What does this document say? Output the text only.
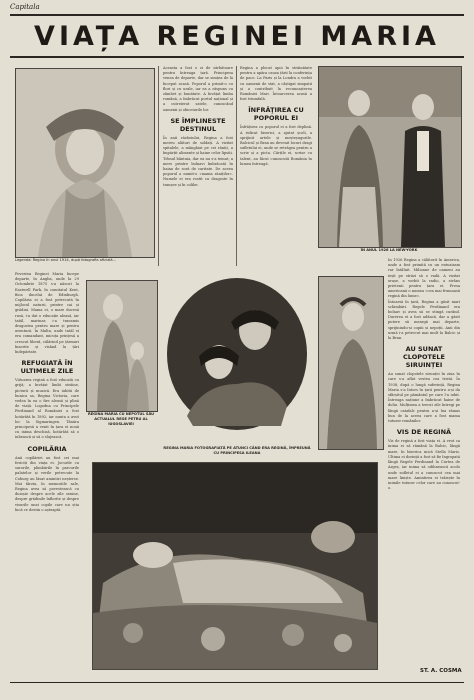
Capitala
VIAȚA REGINEI MARIA
Legenda: Regina în anul 1914, după fotografia oficială…
Povestea Reginei Maria începe departe, în Anglia, unde la 29 Octombrie 1875 s-a născut la Eastwell Park, în comitatul Kent, fiica ducelui de Edinburgh. Copilăria ei a fost petrecută în mijlocul naturii, printre cai și grădini. Mama ei, o mare ducesă rusă, i-a dat o educație aleasă, iar tatăl, marinar, i-a transmis dragostea pentru mare și pentru aventură. În Malta, unde tatăl ei era comandant, micuța prințesă a crescut liberă, călărind pe țărmuri însorite și visând la țări îndepărtate.
REFUGIATĂ ÎN ULTIMELE ZILE
Viitoarea regină a fost educată cu grijă; a învățat limbi străine, pictură și muzică. Era iubită de bunica sa, Regina Victoria, care vedea în ea o fire aleasă și plină de viață. Logodna cu Principele Ferdinand al României a fost hotărâtă în 1892, iar nunta a avut loc la Sigmaringen. Tânăra principesă a venit în țara ei nouă cu inima deschisă, hotărâtă să o iubească și să o slujească.
COPILĂRIA
Anii copilăriei au fost cei mai fericiți din viața ei. Jocurile cu surorile, plimbările în parcurile palatelor și verile petrecute la Coburg au lăsat amintiri neșterse. Mai târziu, în memoriile sale, Regina avea să povestească cu duioșie despre acele zile senine, despre grădinile înflorite și despre visurile unei copile care nu știa încă ce destin o așteaptă.
REGINA MARIA CU NEPOTUL SĂU ACTUALUL REGE PETRU AL IUGOSLAVIEI
Aceasta a fost o zi de sărbătoare pentru întreaga țară. Principesa venea de departe, dar se simțea de la început acasă. Poporul a primit-o cu flori și cu urale, iar ea a răspuns cu zâmbet și bunătate. A învățat limba română, a îmbrăcat portul național și a cutreierat satele, cunoscând oamenii și obiceiurile lor.
SE ÎMPLINESTE DESTINUL
În anii războiului, Regina a fost mereu alături de soldați. A vizitat spitalele, a mângâiat pe cei răniți, a împărțit alimente și haine celor lipsiți. Tifosul bântuia, dar ea nu s-a temut; a mers printre bolnavi îmbrăcată în haina de soră de caritate. De aceea poporul a numit-o «mama răniților». Numele ei era rostit cu dragoste în tranșee și în colibe.
Regina a plecat apoi în străinătate pentru a apăra cauza țării la conferința de pace. La Paris și la Londra a vorbit cu oamenii de stat, a câștigat simpatii și a contribuit la recunoașterea României Mari. Întoarcerea acasă a fost triumfală.
ÎNFRĂŢIREA CU POPORUL EI
Înfrățirea cu poporul ei a fost deplină. A ridicat biserici, a ajutat școli, a sprijinit artele și meșteșugurile. Balcicul și Bran au devenit locuri dragi sufletului ei, unde se retrăgea pentru a scrie și a picta. Cărțile ei, scrise cu talent, au făcut cunoscută România în lumea întreagă.
ÎN ANUL 1926 LA NEW-YORK
REGINA MARIA FOTOGRAFIATĂ PE ATUNCI CÂND ERA REGINĂ, ÎMPREUNĂ CU PRINCIPESA ILEANA
În 1926 Regina a călătorit în America, unde a fost primită cu un entuziasm rar întâlnit. Milioane de oameni au ieșit pe străzi să o vadă. A vizitat orașe, a vorbit la radio, a strâns prietenii pentru țara ei. Presa americană o numea «cea mai frumoasă regină din lume».
Întoarsă în țară, Regina a găsit mari schimbări. Regele Ferdinand era bolnav și avea să se stingă curând. Durerea ei a fost adâncă, dar a găsit putere să meargă mai departe, sprijinindu-și copiii și nepoții. Anii din urmă i-a petrecut mai mult la Balcic și la Bran.
AU SUNAT CLOPOTELE SIRUINȚEI
Au sunat clopotele sirunței în ziua în care s-a aflat vestea cea tristă. În 1938, după o lungă suferință, Regina Maria s-a întors în țară pentru a-și da sfârșitul pe pământul pe care l-a iubit. Întreaga națiune a îmbrăcat haine de doliu. Mulțimea a trecut zile întregi pe lângă catafalc pentru a-și lua rămas bun de la aceea care a fost mama tuturor românilor.
VIS DE REGINĂ
Vis de regină a fost viața ei. A vrut ca inima ei să rămână la Balcic, lângă mare, în biserica mică Stella Maris. Ultima ei dorință a fost să fie îngropată lângă Regele Ferdinand la Curtea de Argeș, iar inima să odihnească acolo unde sufletul ei a cunoscut cea mai mare liniște. Amintirea ei trăiește în inimile tuturor celor care au cunoscut-o.
ST. A. COSMA
